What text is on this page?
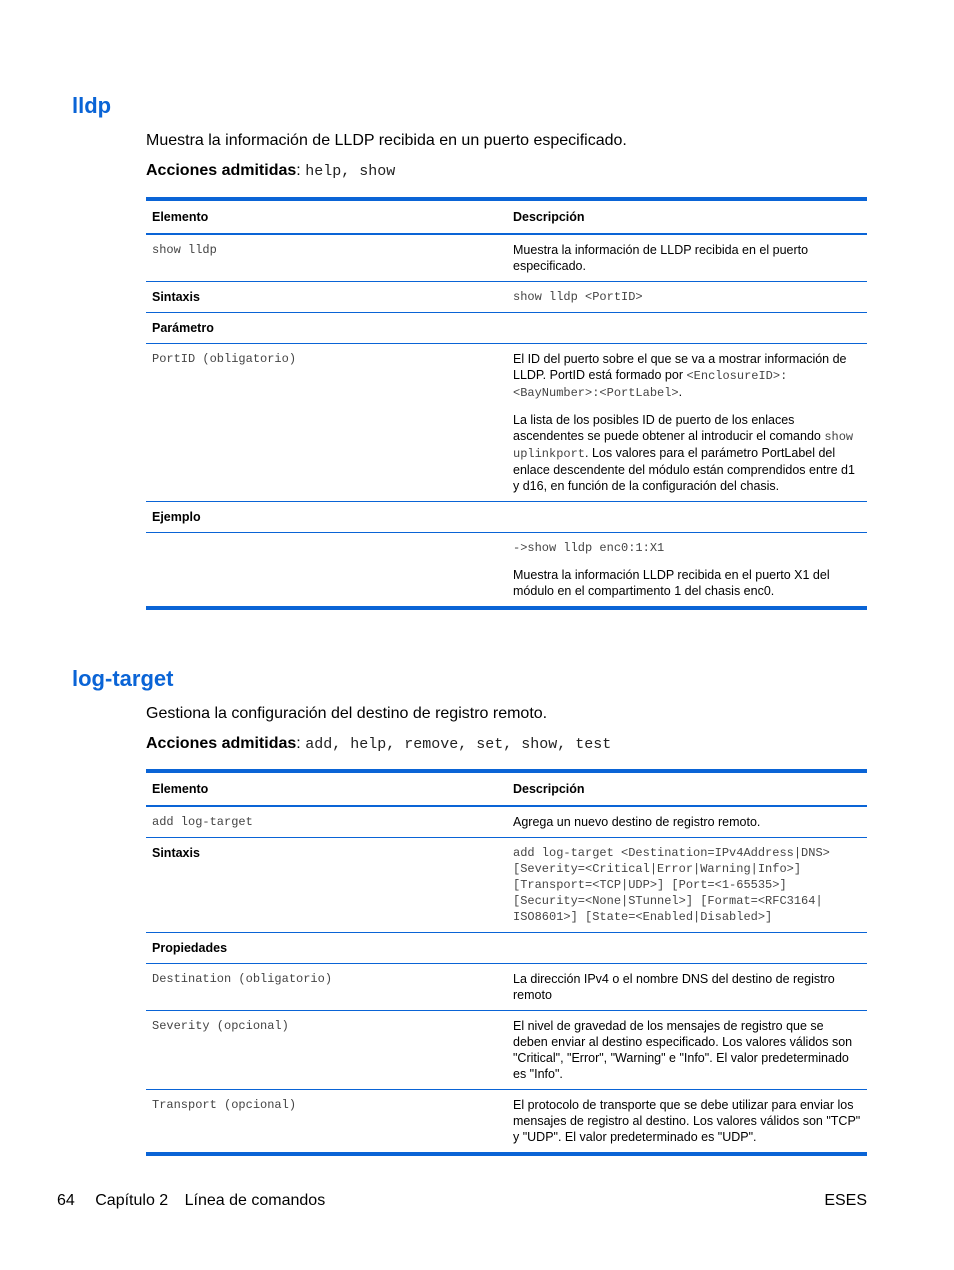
lldp

Muestra la información de LLDP recibida en un puerto especificado.

Acciones admitidas: help, show

Elemento	Descripción
show lldp	Muestra la información de LLDP recibida en el puerto especificado.
Sintaxis	show lldp <PortID>
Parámetro	
PortID (obligatorio)	El ID del puerto sobre el que se va a mostrar información de LLDP. PortID está formado por <EnclosureID>:<BayNumber>:<PortLabel>.

La lista de los posibles ID de puerto de los enlaces ascendentes se puede obtener al introducir el comando show uplinkport. Los valores para el parámetro PortLabel del enlace descendente del módulo están comprendidos entre d1 y d16, en función de la configuración del chasis.

Ejemplo	

	->show lldp enc0:1:X1

Muestra la información LLDP recibida en el puerto X1 del módulo en el compartimento 1 del chasis enc0.

log-target

Gestiona la configuración del destino de registro remoto.

Acciones admitidas: add, help, remove, set, show, test

Elemento	Descripción
add log-target	Agrega un nuevo destino de registro remoto.
Sintaxis	add log-target <Destination=IPv4Address|DNS> [Severity=<Critical|Error|Warning|Info>] [Transport=<TCP|UDP>] [Port=<1-65535>] [Security=<None|STunnel>] [Format=<RFC3164| ISO8601>] [State=<Enabled|Disabled>]
Propiedades	
Destination (obligatorio)	La dirección IPv4 o el nombre DNS del destino de registro remoto
Severity (opcional)	El nivel de gravedad de los mensajes de registro que se deben enviar al destino especificado. Los valores válidos son "Critical", "Error", "Warning" e "Info". El valor predeterminado es "Info".
Transport (opcional)	El protocolo de transporte que se debe utilizar para enviar los mensajes de registro al destino. Los valores válidos son "TCP" y "UDP". El valor predeterminado es "UDP".
64 Capítulo 2 Línea de comandos	ESES
